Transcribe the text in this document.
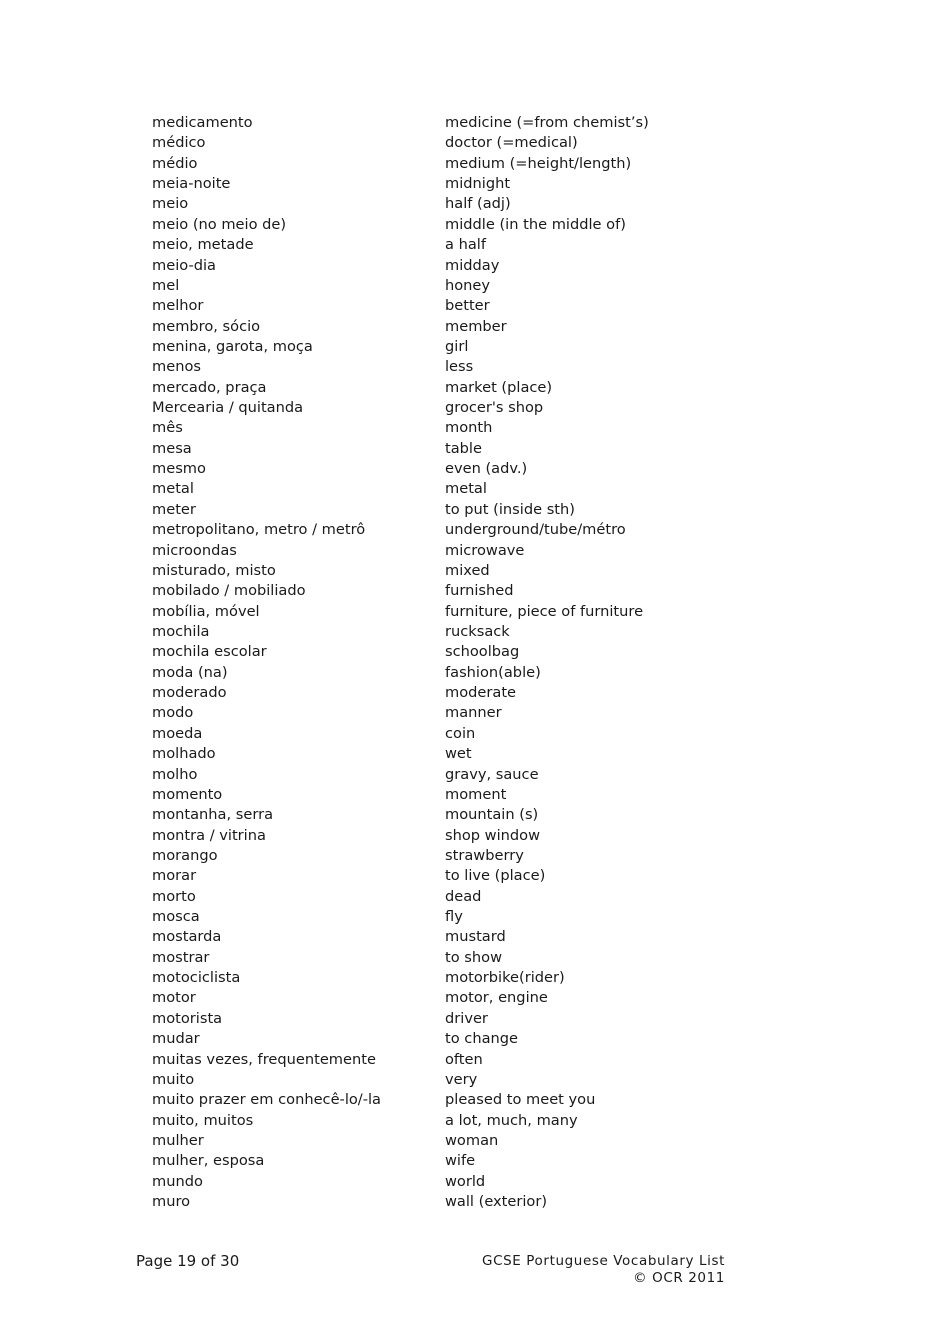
medicamento	medicine (=from chemist’s)
médico	doctor (=medical)
médio	medium (=height/length)
meia-noite	midnight
meio	half (adj)
meio (no meio de)	middle (in the middle of)
meio, metade	a half
meio-dia	midday
mel	honey
melhor	better
membro, sócio	member
menina, garota, moça	girl
menos	less
mercado, praça	market (place)
Mercearia / quitanda	grocer's shop
mês	month
mesa	table
mesmo	even (adv.)
metal	metal
meter	to put (inside sth)
metropolitano, metro / metrô	underground/tube/métro
microondas	microwave
misturado, misto	mixed
mobilado / mobiliado	furnished
mobília, móvel	furniture, piece of furniture
mochila	rucksack
mochila escolar	schoolbag
moda (na)	fashion(able)
moderado	moderate
modo	manner
moeda	coin
molhado	wet
molho	gravy, sauce
momento	moment
montanha, serra	mountain (s)
montra / vitrina	shop window
morango	strawberry
morar	to live (place)
morto	dead
mosca	fly
mostarda	mustard
mostrar	to show
motociclista	motorbike(rider)
motor	motor, engine
motorista	driver
mudar	to change
muitas vezes, frequentemente	often
muito	very
muito prazer em conhecê-lo/-la	pleased to meet you
muito, muitos	a lot, much, many
mulher	woman
mulher, esposa	wife
mundo	world
muro	wall (exterior)
Page 19 of 30	GCSE Portuguese Vocabulary List
© OCR 2011
